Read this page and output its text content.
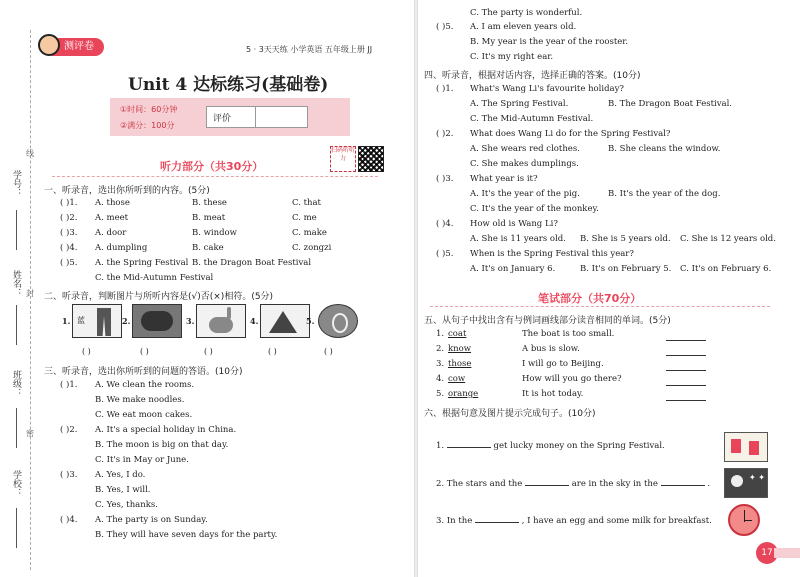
学号：
姓名：
班级：
学校：
线
封
密
测评卷	5 · 3天天练 小学英语 五年级上册 JJ
Unit 4 达标练习(基础卷)
①时间：60分钟
②满分：100分
评价
扫码听听力
听力部分（共30分）
一、听录音，选出你所听到的内容。(5分)
( )1. A. those	B. these	C. that
( )2. A. meet	B. meat	C. me
( )3. A. door	B. window	C. make
( )4. A. dumpling	B. cake	C. zongzi
( )5. A. the Spring Festival B. the Dragon Boat Festival
C. the Mid-Autumn Festival
二、听录音，判断图片与所听内容是(√)否(×)相符。(5分)
1. 蓝	2.	3.	4.	5.
( )	( )	( )	( )	( )
三、听录音，选出你所听到的问题的答语。(10分)
( )1. A. We clean the rooms.
B. We make noodles.
C. We eat moon cakes.
( )2. A. It's a special holiday in China.
B. The moon is big on that day.
C. It's in May or June.
( )3. A. Yes, I do.
B. Yes, I will.
C. Yes, thanks.
( )4. A. The party is on Sunday.
B. They will have seven days for the party.
C. The party is wonderful.
( )5. A. I am eleven years old.
B. My year is the year of the rooster.
C. It's my right ear.
四、听录音，根据对话内容，选择正确的答案。(10分)
( )1. What's Wang Li's favourite holiday?
A. The Spring Festival.	B. The Dragon Boat Festival.
C. The Mid-Autumn Festival.
( )2. What does Wang Li do for the Spring Festival?
A. She wears red clothes.	B. She cleans the window.
C. She makes dumplings.
( )3. What year is it?
A. It's the year of the pig.	B. It's the year of the dog.
C. It's the year of the monkey.
( )4. How old is Wang Li?
A. She is 11 years old. B. She is 5 years old. C. She is 12 years old.
( )5. When is the Spring Festival this year?
A. It's on January 6.	B. It's on February 5. C. It's on February 6.
笔试部分（共70分）
五、从句子中找出含有与例词画线部分读音相同的单词。(5分)
1. coat	The boat is too small.
2. know	A bus is slow.
3. those	I will go to Beijing.
4. cow	How will you go there?
5. orange	It is hot today.
六、根据句意及图片提示完成句子。(10分)
1.	get lucky money on the Spring Festival.
2. The stars and the	are in the sky in the	.
✦ ✦
3. In the	, I have an egg and some milk for breakfast.
17
